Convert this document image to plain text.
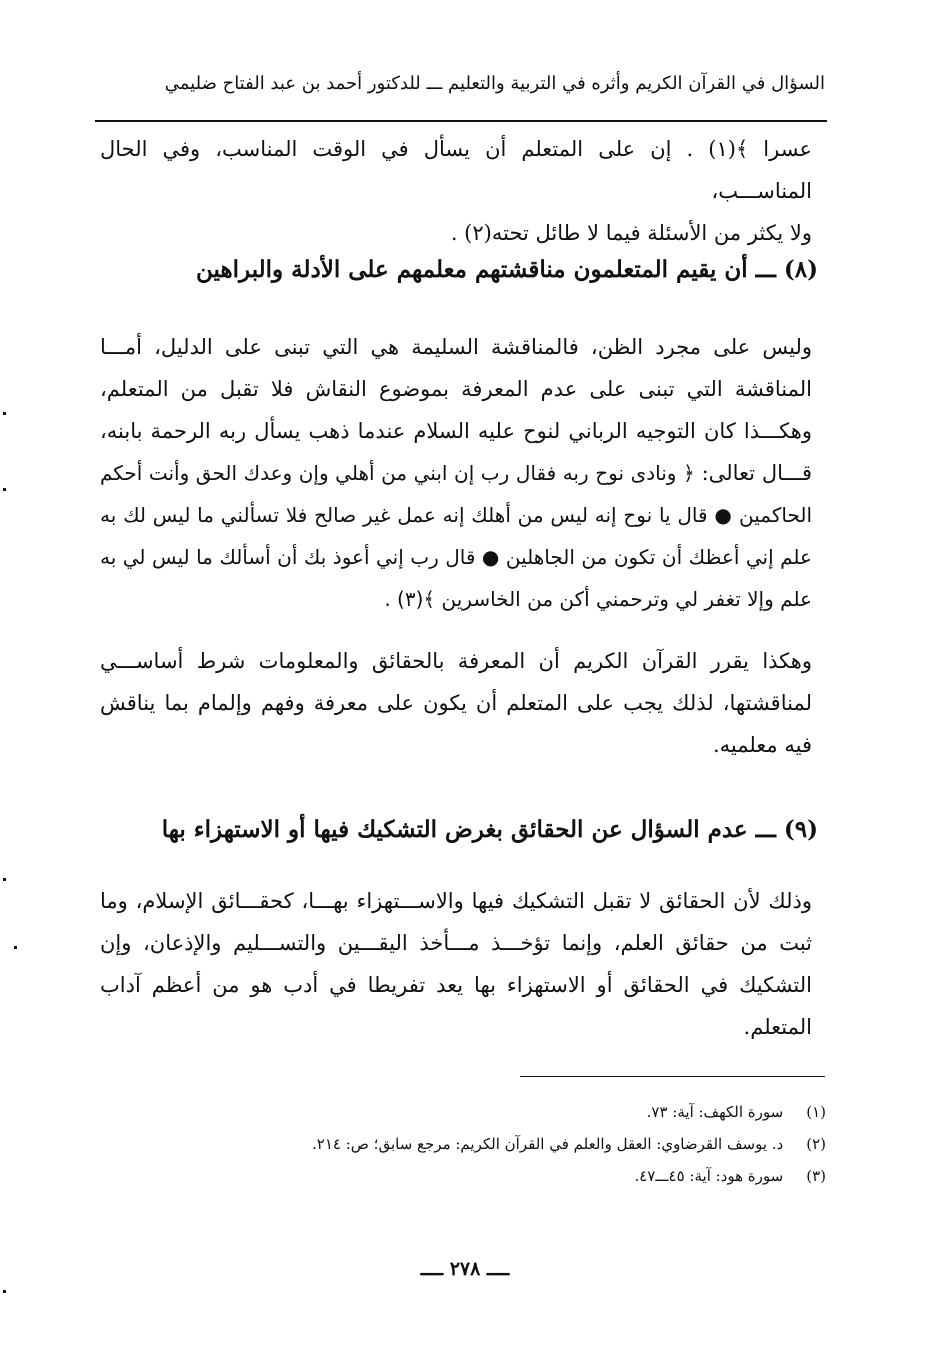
السؤال في القرآن الكريم وأثره في التربية والتعليم ـــ للدكتور أحمد بن عبد الفتاح ضليمي
عسرا ﴾(١) . إن على المتعلم أن يسأل في الوقت المناسب، وفي الحال المناســـب،
ولا يكثر من الأسئلة فيما لا طائل تحته(٢) .
(٨) ـــ أن يقيم المتعلمون مناقشتهم معلمهم على الأدلة والبراهين
وليس على مجرد الظن، فالمناقشة السليمة هي التي تبنى على الدليل، أمـــا المناقشة التي تبنى على عدم المعرفة بموضوع النقاش فلا تقبل من المتعلم، وهكـــذا كان التوجيه الرباني لنوح عليه السلام عندما ذهب يسأل ربه الرحمة بابنه، قـــال تعالى: ﴿ ونادى نوح ربه فقال رب إن ابني من أهلي وإن وعدك الحق وأنت أحكم الحاكمين ● قال يا نوح إنه ليس من أهلك إنه عمل غير صالح فلا تسألني ما ليس لك به علم إني أعظك أن تكون من الجاهلين ● قال رب إني أعوذ بك أن أسألك ما ليس لي به علم وإلا تغفر لي وترحمني أكن من الخاسرين ﴾(٣) .
وهكذا يقرر القرآن الكريم أن المعرفة بالحقائق والمعلومات شرط أساســـي لمناقشتها، لذلك يجب على المتعلم أن يكون على معرفة وفهم وإلمام بما يناقش فيه معلميه.
(٩) ـــ عدم السؤال عن الحقائق بغرض التشكيك فيها أو الاستهزاء بها
وذلك لأن الحقائق لا تقبل التشكيك فيها والاســـتهزاء بهـــا، كحقـــائق الإسلام، وما ثبت من حقائق العلم، وإنما تؤخـــذ مـــأخذ اليقـــين والتســـليم والإذعان، وإن التشكيك في الحقائق أو الاستهزاء بها يعد تفريطا في أدب هو من أعظم آداب المتعلم.
(١) سورة الكهف: آية: ٧٣.
(٢) د. يوسف القرضاوي: العقل والعلم في القرآن الكريم: مرجع سابق؛ ص: ٢١٤.
(٣) سورة هود: آية: ٤٥ـــ٤٧.
ــــ ٢٧٨ ــــ
